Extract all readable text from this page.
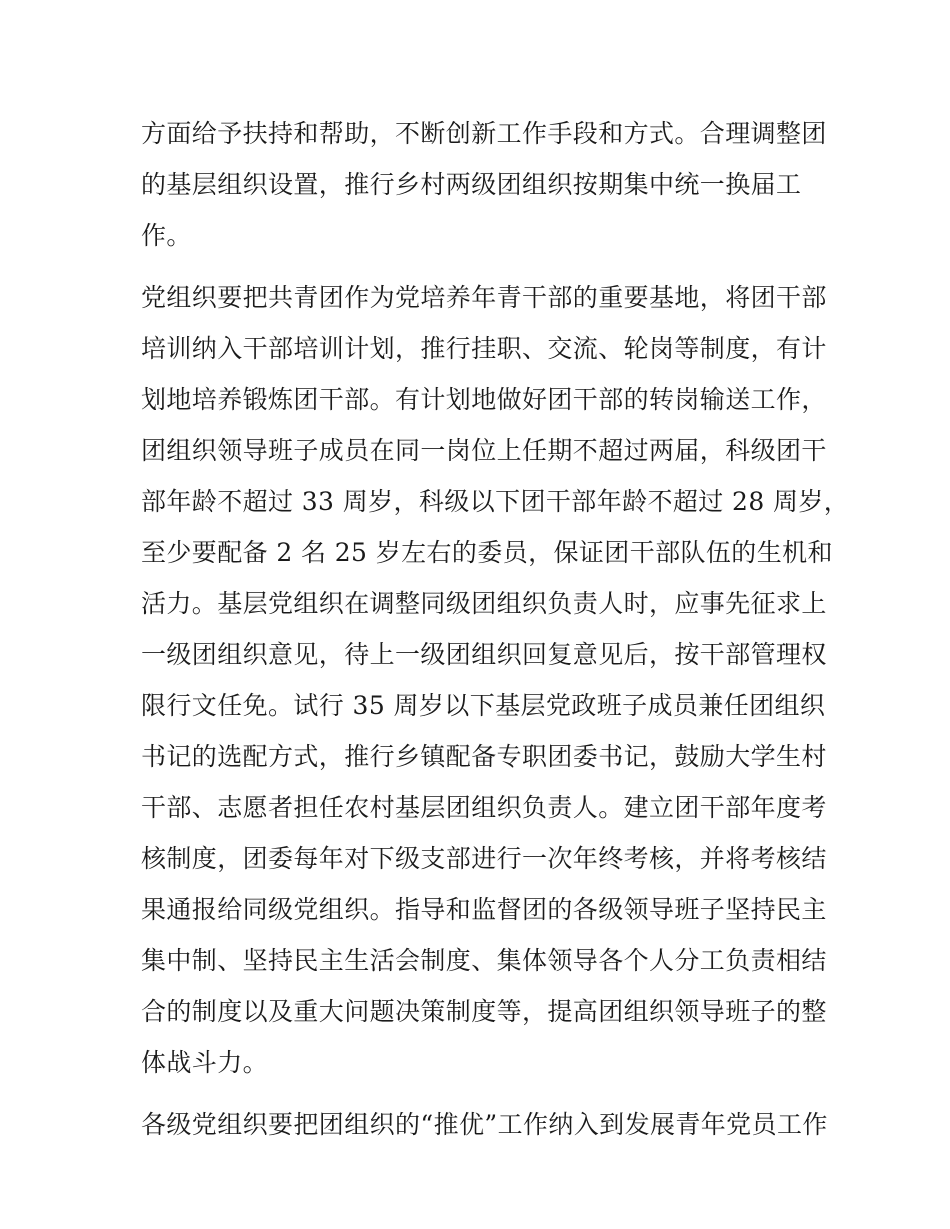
方面给予扶持和帮助，不断创新工作手段和方式。合理调整团
的基层组织设置，推行乡村两级团组织按期集中统一换届工
作。
党组织要把共青团作为党培养年青干部的重要基地，将团干部
培训纳入干部培训计划，推行挂职、交流、轮岗等制度，有计
划地培养锻炼团干部。有计划地做好团干部的转岗输送工作，
团组织领导班子成员在同一岗位上任期不超过两届，科级团干
部年龄不超过 33 周岁，科级以下团干部年龄不超过 28 周岁，
至少要配备 2 名 25 岁左右的委员，保证团干部队伍的生机和
活力。基层党组织在调整同级团组织负责人时，应事先征求上
一级团组织意见，待上一级团组织回复意见后，按干部管理权
限行文任免。试行 35 周岁以下基层党政班子成员兼任团组织
书记的选配方式，推行乡镇配备专职团委书记，鼓励大学生村
干部、志愿者担任农村基层团组织负责人。建立团干部年度考
核制度，团委每年对下级支部进行一次年终考核，并将考核结
果通报给同级党组织。指导和监督团的各级领导班子坚持民主
集中制、坚持民主生活会制度、集体领导各个人分工负责相结
合的制度以及重大问题决策制度等，提高团组织领导班子的整
体战斗力。
各级党组织要把团组织的“推优”工作纳入到发展青年党员工作
